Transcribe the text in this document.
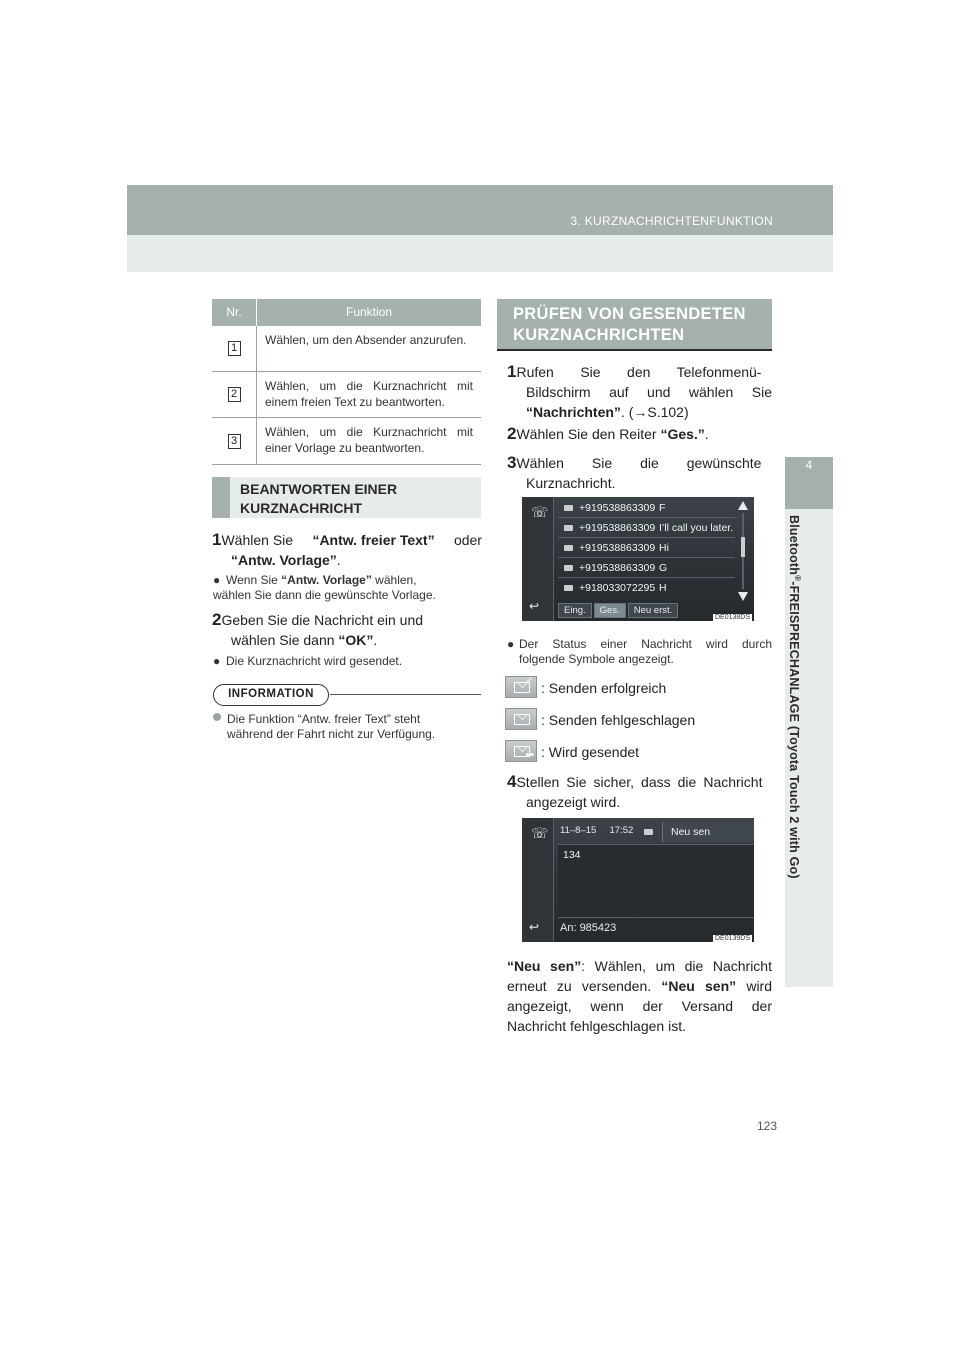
3. KURZNACHRICHTENFUNKTION
4
Bluetooth®-FREISPRECHANLAGE (Toyota Touch 2 with Go)
Nr.	Funktion
1
Wählen, um den Absender anzurufen.
2
Wählen, um die Kurznachricht mit einem freien Text zu beantworten.
3
Wählen, um die Kurznachricht mit einer Vorlage zu beantworten.
BEANTWORTEN EINER
KURZNACHRICHT
1Wählen Sie “Antw. freier Text” oder
“Antw. Vorlage”.
● Wenn Sie “Antw. Vorlage” wählen,
wählen Sie dann die gewünschte Vorlage.
2Geben Sie die Nachricht ein und
wählen Sie dann “OK”.
● Die Kurznachricht wird gesendet.
INFORMATION
Die Funktion “Antw. freier Text” steht
während der Fahrt nicht zur Verfügung.
PRÜFEN VON GESENDETEN
KURZNACHRICHTEN
1Rufen Sie den Telefonmenü-
Bildschirm auf und wählen Sie
“Nachrichten”. (→S.102)
2Wählen Sie den Reiter “Ges.”.
3Wählen Sie die gewünschte
Kurznachricht.
☏
↩
+919538863309 F
+919538863309 I’ll call you later.
+919538863309 Hi
+919538863309 G
+918033072295 H
Eing.	Ges.	Neu erst.
DE0138DS
● Der Status einer Nachricht wird durch
folgende Symbole angezeigt.
✓ : Senden erfolgreich
: Senden fehlgeschlagen
••• : Wird gesendet
4Stellen Sie sicher, dass die Nachricht
angezeigt wird.
☏
↩
11‒8‒15 17:52	Neu sen
134
An: 985423
DE0139DS
“Neu sen”: Wählen, um die Nachricht
erneut zu versenden. “Neu sen” wird
angezeigt, wenn der Versand der
Nachricht fehlgeschlagen ist.
123
